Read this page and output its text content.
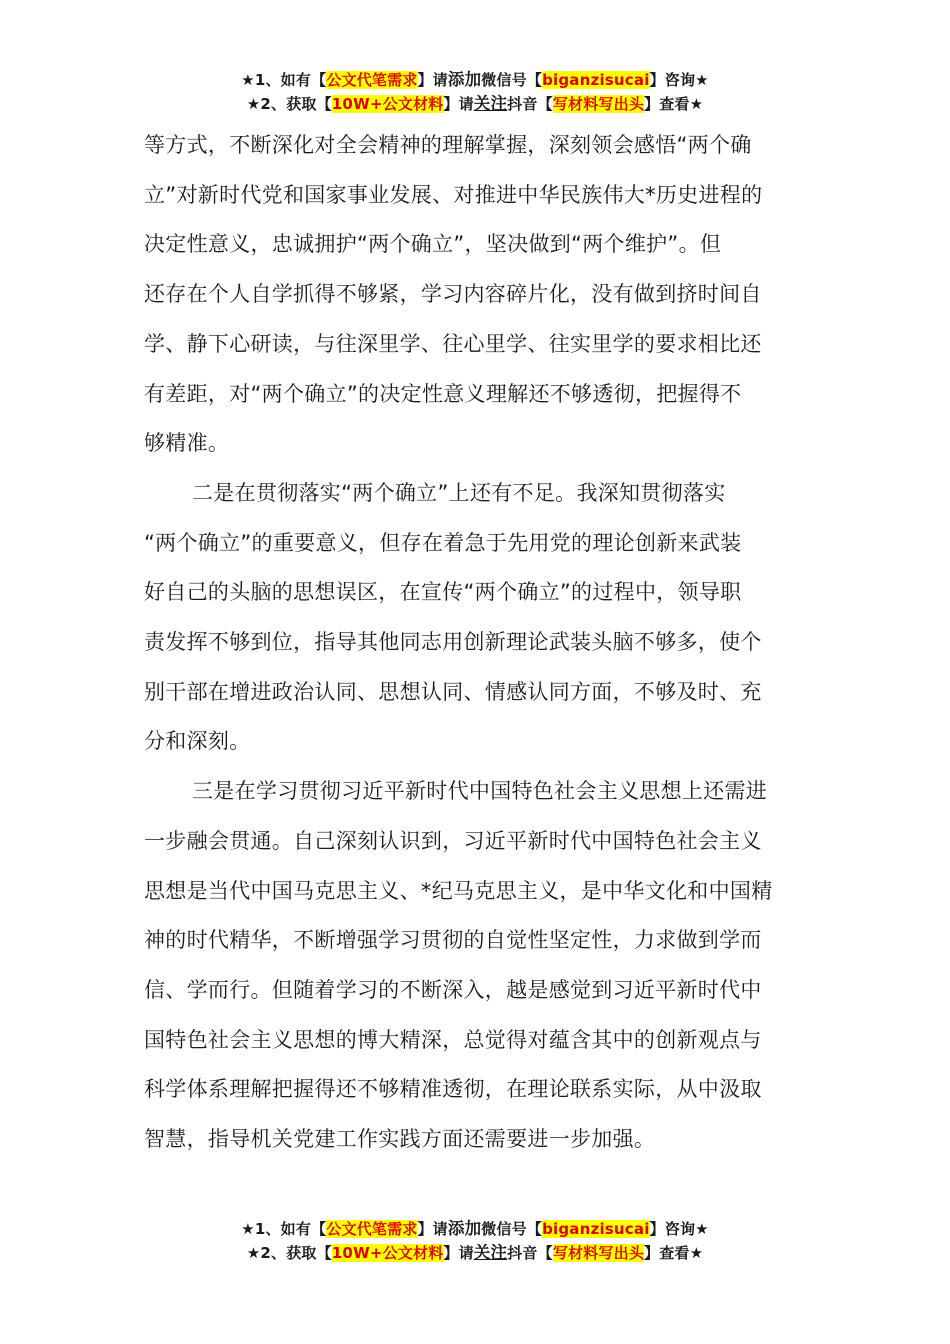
★1、如有【公文代笔需求】请添加微信号【biganzisucai】咨询★
★2、获取【10W+公文材料】请关注抖音【写材料写出头】查看★

等方式，不断深化对全会精神的理解掌握，深刻领会感悟“两个确
立”对新时代党和国家事业发展、对推进中华民族伟大*历史进程的
决定性意义，忠诚拥护“两个确立”，坚决做到“两个维护”。但
还存在个人自学抓得不够紧，学习内容碎片化，没有做到挤时间自
学、静下心研读，与往深里学、往心里学、往实里学的要求相比还
有差距，对“两个确立”的决定性意义理解还不够透彻，把握得不
够精准。

二是在贯彻落实“两个确立”上还有不足。我深知贯彻落实
“两个确立”的重要意义，但存在着急于先用党的理论创新来武装
好自己的头脑的思想误区，在宣传“两个确立”的过程中，领导职
责发挥不够到位，指导其他同志用创新理论武装头脑不够多，使个
别干部在增进政治认同、思想认同、情感认同方面，不够及时、充
分和深刻。

三是在学习贯彻习近平新时代中国特色社会主义思想上还需进
一步融会贯通。自己深刻认识到，习近平新时代中国特色社会主义
思想是当代中国马克思主义、*纪马克思主义，是中华文化和中国精
神的时代精华，不断增强学习贯彻的自觉性坚定性，力求做到学而
信、学而行。但随着学习的不断深入，越是感觉到习近平新时代中
国特色社会主义思想的博大精深，总觉得对蕴含其中的创新观点与
科学体系理解把握得还不够精准透彻，在理论联系实际，从中汲取
智慧，指导机关党建工作实践方面还需要进一步加强。

★1、如有【公文代笔需求】请添加微信号【biganzisucai】咨询★
★2、获取【10W+公文材料】请关注抖音【写材料写出头】查看★
